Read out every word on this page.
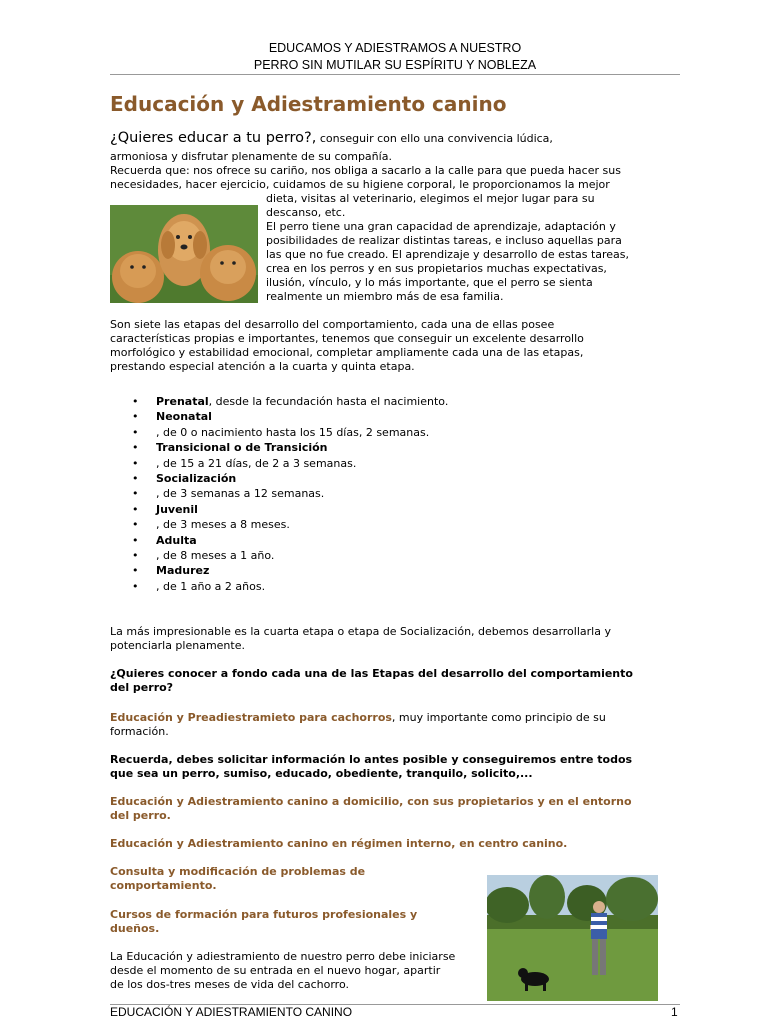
EDUCAMOS Y ADIESTRAMOS A NUESTRO
PERRO SIN MUTILAR SU ESPÍRITU Y NOBLEZA
Educación y Adiestramiento canino
¿Quieres educar a tu perro?, conseguir con ello una convivencia lúdica,
armoniosa y disfrutar plenamente de su compañía.
Recuerda que: nos ofrece su cariño, nos obliga a sacarlo a la calle para que pueda hacer sus
necesidades, hacer ejercicio, cuidamos de su higiene corporal, le proporcionamos la mejor
dieta, visitas al veterinario, elegimos el mejor lugar para su
descanso, etc.
El perro tiene una gran capacidad de aprendizaje, adaptación y
posibilidades de realizar distintas tareas, e incluso aquellas para
las que no fue creado. El aprendizaje y desarrollo de estas tareas,
crea en los perros y en sus propietarios muchas expectativas,
ilusión, vínculo, y lo más importante, que el perro se sienta
realmente un miembro más de esa familia.
Son siete las etapas del desarrollo del comportamiento, cada una de ellas posee
características propias e importantes, tenemos que conseguir un excelente desarrollo
morfológico y estabilidad emocional, completar ampliamente cada una de las etapas,
prestando especial atención a la cuarta y quinta etapa.
• Prenatal, desde la fecundación hasta el nacimiento.
• Neonatal
• , de 0 o nacimiento hasta los 15 días, 2 semanas.
• Transicional o de Transición
• , de 15 a 21 días, de 2 a 3 semanas.
• Socialización
• , de 3 semanas a 12 semanas.
• Juvenil
• , de 3 meses a 8 meses.
• Adulta
• , de 8 meses a 1 año.
• Madurez
• , de 1 año a 2 años.
La más impresionable es la cuarta etapa o etapa de Socialización, debemos desarrollarla y
potenciarla plenamente.
¿Quieres conocer a fondo cada una de las Etapas del desarrollo del comportamiento
del perro?
Educación y Preadiestramieto para cachorros, muy importante como principio de su
formación.
Recuerda, debes solicitar información lo antes posible y conseguiremos entre todos
que sea un perro, sumiso, educado, obediente, tranquilo, solicito,...
Educación y Adiestramiento canino a domicilio, con sus propietarios y en el entorno
del perro.
Educación y Adiestramiento canino en régimen interno, en centro canino.
Consulta y modificación de problemas de
comportamiento.
Cursos de formación para futuros profesionales y
dueños.
La Educación y adiestramiento de nuestro perro debe iniciarse
desde el momento de su entrada en el nuevo hogar, apartir
de los dos-tres meses de vida del cachorro.
EDUCACIÓN Y ADIESTRAMIENTO CANINO	1
